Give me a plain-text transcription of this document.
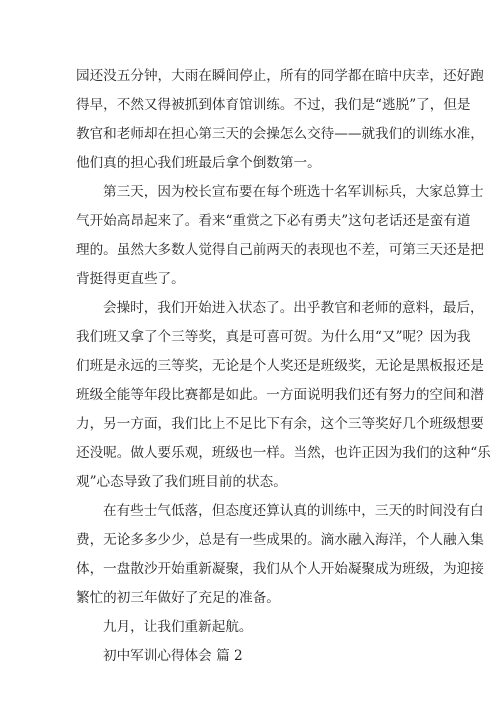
园还没五分钟，大雨在瞬间停止，所有的同学都在暗中庆幸，还好跑
得早，不然又得被抓到体育馆训练。不过，我们是“逃脱”了，但是
教官和老师却在担心第三天的会操怎么交待——就我们的训练水准，
他们真的担心我们班最后拿个倒数第一。
第三天，因为校长宣布要在每个班选十名军训标兵，大家总算士
气开始高昂起来了。看来“重赏之下必有勇夫”这句老话还是蛮有道
理的。虽然大多数人觉得自己前两天的表现也不差，可第三天还是把
背挺得更直些了。
会操时，我们开始进入状态了。出乎教官和老师的意料，最后，
我们班又拿了个三等奖，真是可喜可贺。为什么用“又”呢？因为我
们班是永远的三等奖，无论是个人奖还是班级奖，无论是黑板报还是
班级全能等年段比赛都是如此。一方面说明我们还有努力的空间和潜
力，另一方面，我们比上不足比下有余，这个三等奖好几个班级想要
还没呢。做人要乐观，班级也一样。当然，也许正因为我们的这种“乐
观”心态导致了我们班目前的状态。
在有些士气低落，但态度还算认真的训练中，三天的时间没有白
费，无论多多少少，总是有一些成果的。滴水融入海洋，个人融入集
体，一盘散沙开始重新凝聚，我们从个人开始凝聚成为班级，为迎接
繁忙的初三年做好了充足的准备。
九月，让我们重新起航。
初中军训心得体会 篇 2
